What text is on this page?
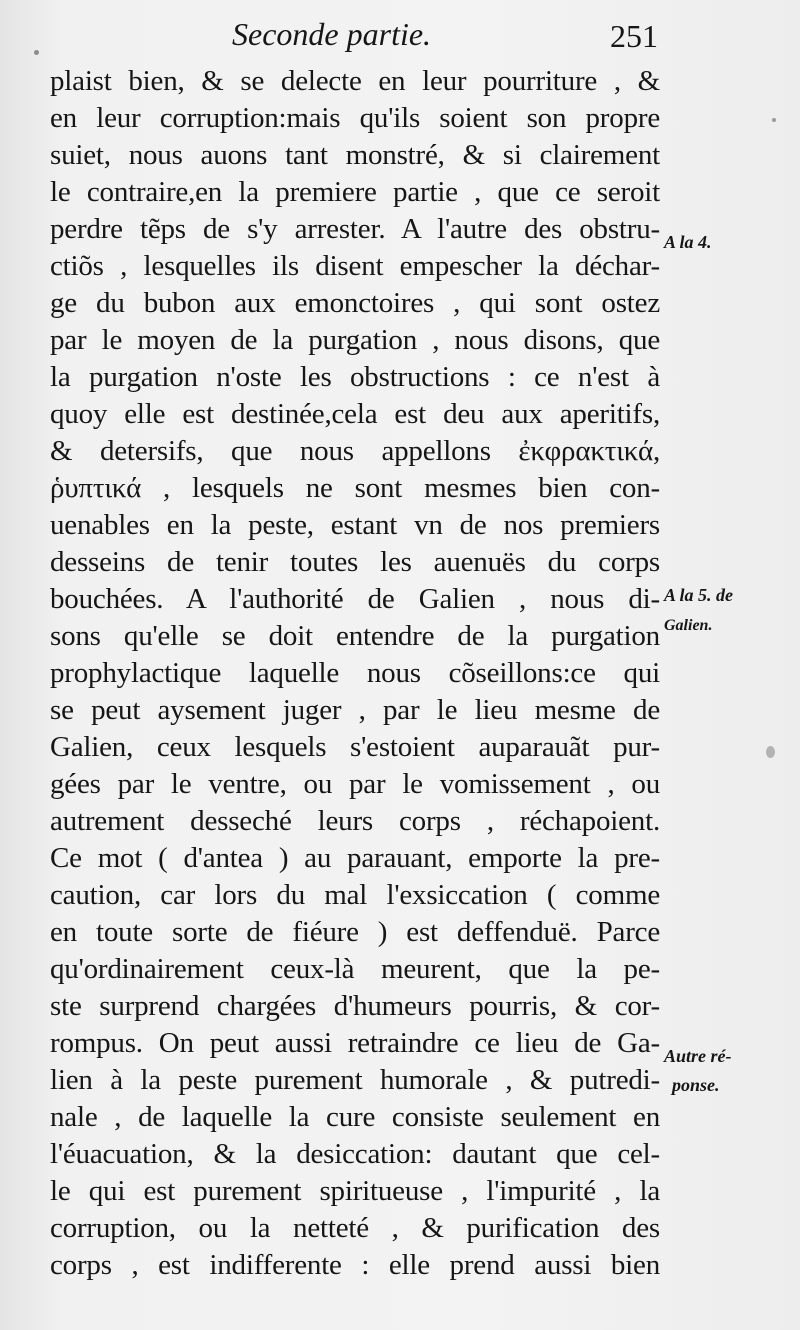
Seconde partie.	251
plaist bien, & se delecte en leur pourriture , &
en leur corruption:mais qu'ils soient son propre
suiet, nous auons tant monstré, & si clairement
le contraire,en la premiere partie , que ce seroit
perdre tẽps de s'y arrester. A l'autre des obstru-
ctiõs , lesquelles ils disent empescher la déchar-
ge du bubon aux emonctoires , qui sont ostez
par le moyen de la purgation , nous disons, que
la purgation n'oste les obstructions : ce n'est à
quoy elle est destinée,cela est deu aux aperitifs,
& detersifs, que nous appellons ἐκφρακτικά,
ῥυπτικά , lesquels ne sont mesmes bien con-
uenables en la peste, estant vn de nos premiers
desseins de tenir toutes les auenuës du corps
bouchées. A l'authorité de Galien , nous di-
sons qu'elle se doit entendre de la purgation
prophylactique laquelle nous cõseillons:ce qui
se peut aysement juger , par le lieu mesme de
Galien, ceux lesquels s'estoient auparauãt pur-
gées par le ventre, ou par le vomissement , ou
autrement desseché leurs corps , réchapoient.
Ce mot ( d'antea ) au parauant, emporte la pre-
caution, car lors du mal l'exsiccation ( comme
en toute sorte de fiéure ) est deffenduë. Parce
qu'ordinairement ceux-là meurent, que la pe-
ste surprend chargées d'humeurs pourris, & cor-
rompus. On peut aussi retraindre ce lieu de Ga-
lien à la peste purement humorale , & putredi-
nale , de laquelle la cure consiste seulement en
l'éuacuation, & la desiccation: dautant que cel-
le qui est purement spiritueuse , l'impurité , la
corruption, ou la netteté , & purification des
corps , est indifferente : elle prend aussi bien
A la 4.
A la 5. de
Galien.
Autre ré-
ponse.
